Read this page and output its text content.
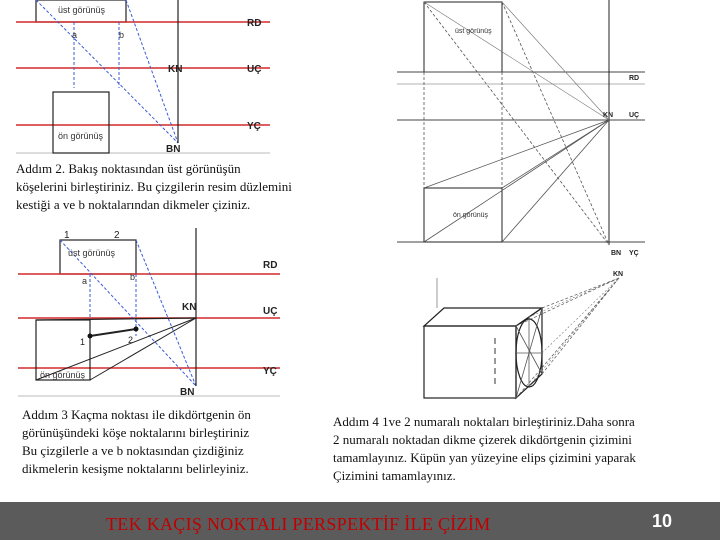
üst görünüş
a	b
ön görünüş
RD
KN	UÇ
YÇ
BN
Addım 2. Bakış noktasından üst görünüşün
köşelerini birleştiriniz. Bu çizgilerin resim düzlemini
kestiği a ve b noktalarından dikmeler çiziniz.
1	2
üst görünüş
a	b
1	2
ön görünüş
RD
KN	UÇ
YÇ
BN
Addım 3 Kaçma noktası ile dikdörtgenin ön
görünüşündeki köşe noktalarını birleştiriniz
Bu çizgilerle a ve b noktasından çizdiğiniz
dikmelerin kesişme noktalarını belirleyiniz.
üst görünüş
ön görünüş
RD
KN UÇ
YÇ
BN
KN
Addım 4 1ve 2 numaralı noktaları birleştiriniz.Daha sonra
2 numaralı noktadan dikme çizerek dikdörtgenin çizimini
tamamlayınız. Küpün yan yüzeyine elips çizimini yaparak
Çizimini tamamlayınız.
TEK KAÇIŞ NOKTALI PERSPEKTİF İLE ÇİZİM	10
